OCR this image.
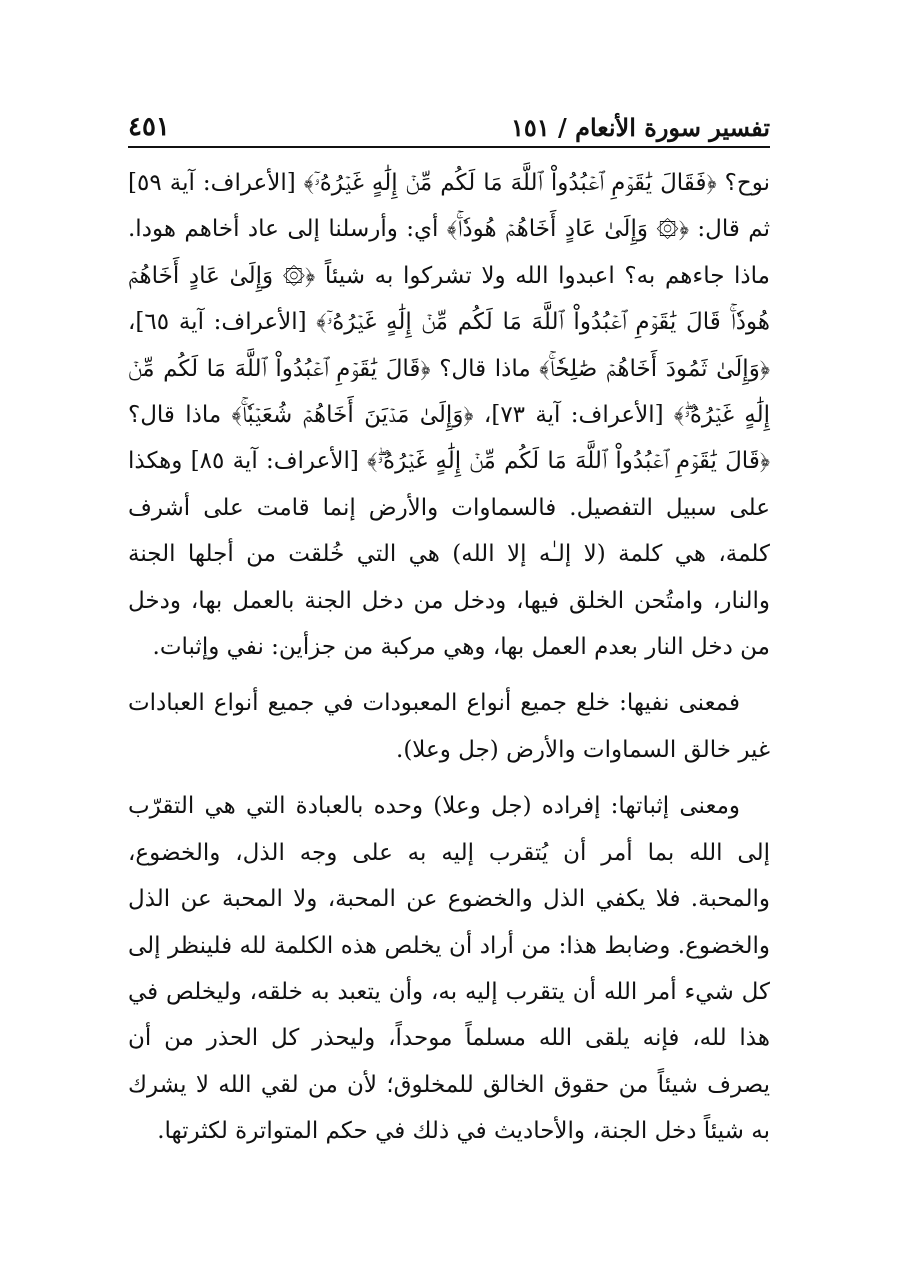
تفسير سورة الأنعام / ١٥١
٤٥١

نوح؟ ﴿فَقَالَ يَٰقَوۡمِ ٱعۡبُدُواْ ٱللَّهَ مَا لَكُم مِّنۡ إِلَٰهٍ غَيۡرُهُۥٓ﴾ [الأعراف: آية ٥٩] ثم قال: ﴿۞ وَإِلَىٰ عَادٍ أَخَاهُمۡ هُودٗاۚ﴾ أي: وأرسلنا إلى عاد أخاهم هودا. ماذا جاءهم به؟ اعبدوا الله ولا تشركوا به شيئاً ﴿۞ وَإِلَىٰ عَادٍ أَخَاهُمۡ هُودٗاۚ قَالَ يَٰقَوۡمِ ٱعۡبُدُواْ ٱللَّهَ مَا لَكُم مِّنۡ إِلَٰهٍ غَيۡرُهُۥٓ﴾ [الأعراف: آية ٦٥]، ﴿وَإِلَىٰ ثَمُودَ أَخَاهُمۡ صَٰلِحٗاۚ﴾ ماذا قال؟ ﴿قَالَ يَٰقَوۡمِ ٱعۡبُدُواْ ٱللَّهَ مَا لَكُم مِّنۡ إِلَٰهٍ غَيۡرُهُۥۖ﴾ [الأعراف: آية ٧٣]، ﴿وَإِلَىٰ مَدۡيَنَ أَخَاهُمۡ شُعَيۡبٗاۚ﴾ ماذا قال؟ ﴿قَالَ يَٰقَوۡمِ ٱعۡبُدُواْ ٱللَّهَ مَا لَكُم مِّنۡ إِلَٰهٍ غَيۡرُهُۥۖ﴾ [الأعراف: آية ٨٥] وهكذا على سبيل التفصيل. فالسماوات والأرض إنما قامت على أشرف كلمة، هي كلمة (لا إلـٰه إلا الله) هي التي خُلقت من أجلها الجنة والنار، وامتُحن الخلق فيها، ودخل من دخل الجنة بالعمل بها، ودخل من دخل النار بعدم العمل بها، وهي مركبة من جزأين: نفي وإثبات.

فمعنى نفيها: خلع جميع أنواع المعبودات في جميع أنواع العبادات غير خالق السماوات والأرض (جل وعلا).

ومعنى إثباتها: إفراده (جل وعلا) وحده بالعبادة التي هي التقرّب إلى الله بما أمر أن يُتقرب إليه به على وجه الذل، والخضوع، والمحبة. فلا يكفي الذل والخضوع عن المحبة، ولا المحبة عن الذل والخضوع. وضابط هذا: من أراد أن يخلص هذه الكلمة لله فلينظر إلى كل شيء أمر الله أن يتقرب إليه به، وأن يتعبد به خلقه، وليخلص في هذا لله، فإنه يلقى الله مسلماً موحداً، وليحذر كل الحذر من أن يصرف شيئاً من حقوق الخالق للمخلوق؛ لأن من لقي الله لا يشرك به شيئاً دخل الجنة، والأحاديث في ذلك في حكم المتواترة لكثرتها.
